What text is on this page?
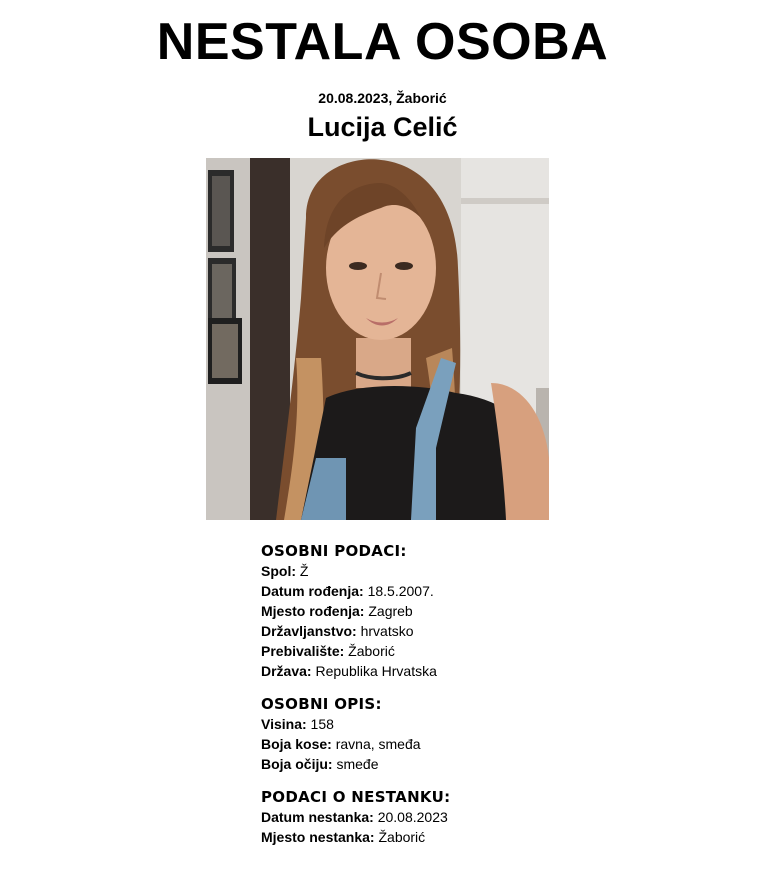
NESTALA OSOBA
20.08.2023, Žaborić
Lucija Celić
OSOBNI PODACI:
Spol: Ž
Datum rođenja: 18.5.2007.
Mjesto rođenja: Zagreb
Državljanstvo: hrvatsko
Prebivalište: Žaborić
Država: Republika Hrvatska
OSOBNI OPIS:
Visina: 158
Boja kose: ravna, smeđa
Boja očiju: smeđe
PODACI O NESTANKU:
Datum nestanka: 20.08.2023
Mjesto nestanka: Žaborić
